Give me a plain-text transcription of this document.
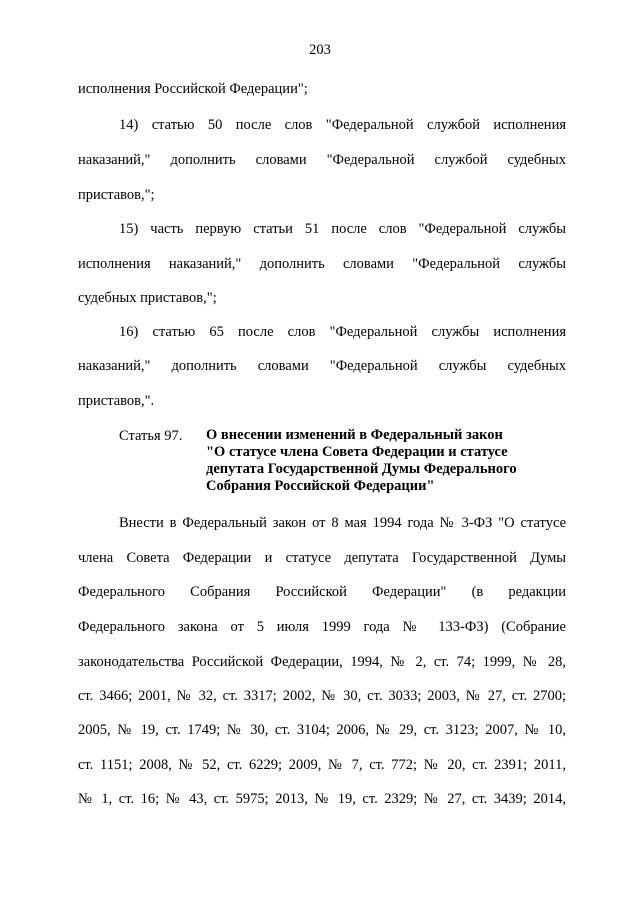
203
исполнения Российской Федерации";
14) статью 50 после слов "Федеральной службой исполнения
наказаний," дополнить словами "Федеральной службой судебных
приставов,";
15) часть первую статьи 51 после слов "Федеральной службы
исполнения наказаний," дополнить словами "Федеральной службы
судебных приставов,";
16) статью 65 после слов "Федеральной службы исполнения
наказаний," дополнить словами "Федеральной службы судебных
приставов,".
Статья 97. О внесении изменений в Федеральный закон
"О статусе члена Совета Федерации и статусе
депутата Государственной Думы Федерального
Собрания Российской Федерации"
Внести в Федеральный закон от 8 мая 1994 года № 3-ФЗ "О статусе
члена Совета Федерации и статусе депутата Государственной Думы
Федерального Собрания Российской Федерации" (в редакции
Федерального закона от 5 июля 1999 года № 133-ФЗ) (Собрание
законодательства Российской Федерации, 1994, № 2, ст. 74; 1999, № 28,
ст. 3466; 2001, № 32, ст. 3317; 2002, № 30, ст. 3033; 2003, № 27, ст. 2700;
2005, № 19, ст. 1749; № 30, ст. 3104; 2006, № 29, ст. 3123; 2007, № 10,
ст. 1151; 2008, № 52, ст. 6229; 2009, № 7, ст. 772; № 20, ст. 2391; 2011,
№ 1, ст. 16; № 43, ст. 5975; 2013, № 19, ст. 2329; № 27, ст. 3439; 2014,
